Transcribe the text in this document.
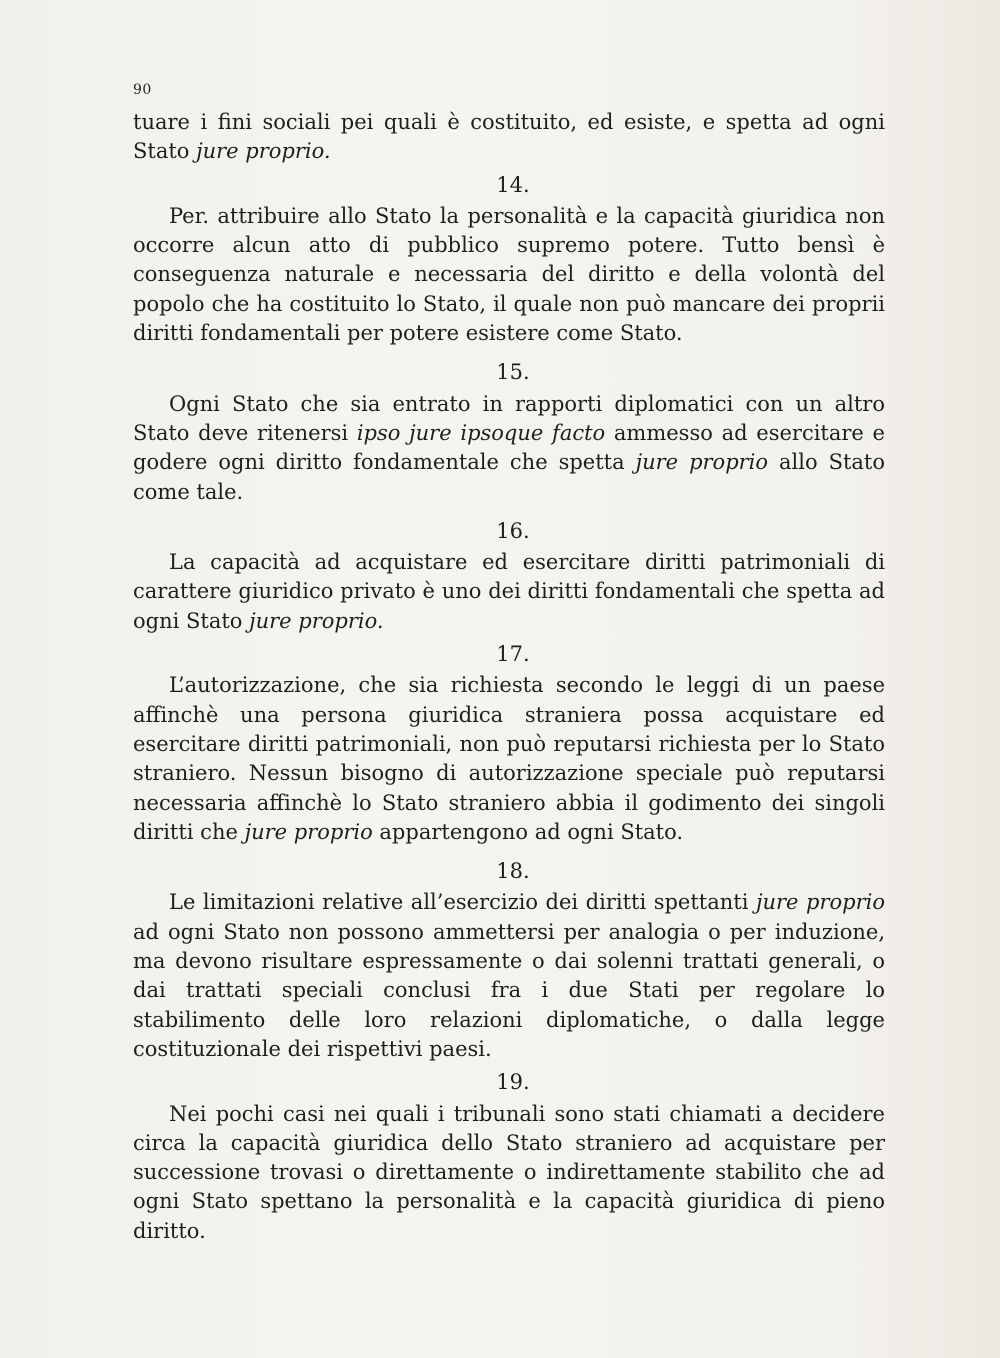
90

tuare i fini sociali pei quali è costituito, ed esiste, e spetta ad ogni Stato jure proprio.

14.

Per. attribuire allo Stato la personalità e la capacità giuridica non occorre alcun atto di pubblico supremo potere. Tutto bensì è conseguenza naturale e necessaria del diritto e della volontà del popolo che ha costituito lo Stato, il quale non può mancare dei proprii diritti fondamentali per potere esistere come Stato.

15.

Ogni Stato che sia entrato in rapporti diplomatici con un altro Stato deve ritenersi ipso jure ipsoque facto ammesso ad esercitare e godere ogni diritto fondamentale che spetta jure proprio allo Stato come tale.

16.

La capacità ad acquistare ed esercitare diritti patrimoniali di carattere giuridico privato è uno dei diritti fondamentali che spetta ad ogni Stato jure proprio.

17.

L’autorizzazione, che sia richiesta secondo le leggi di un paese affinchè una persona giuridica straniera possa acquistare ed esercitare diritti patrimoniali, non può reputarsi richiesta per lo Stato straniero. Nessun bisogno di autorizzazione speciale può reputarsi necessaria affinchè lo Stato straniero abbia il godimento dei singoli diritti che jure proprio appartengono ad ogni Stato.

18.

Le limitazioni relative all’esercizio dei diritti spettanti jure proprio ad ogni Stato non possono ammettersi per analogia o per induzione, ma devono risultare espressamente o dai solenni trattati generali, o dai trattati speciali conclusi fra i due Stati per regolare lo stabilimento delle loro relazioni diplomatiche, o dalla legge costituzionale dei rispettivi paesi.

19.

Nei pochi casi nei quali i tribunali sono stati chiamati a decidere circa la capacità giuridica dello Stato straniero ad acquistare per successione trovasi o direttamente o indirettamente stabilito che ad ogni Stato spettano la personalità e la capacità giuridica di pieno diritto.
